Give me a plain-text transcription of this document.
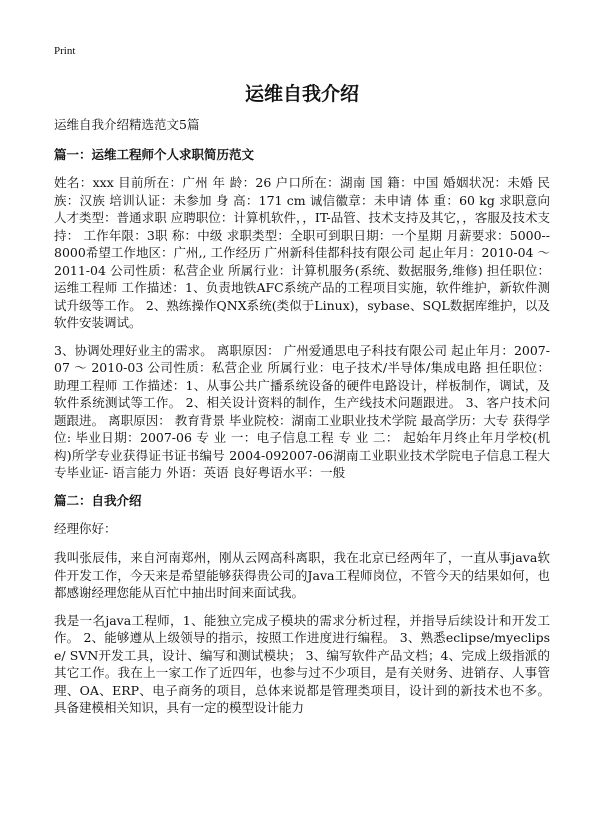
Print
运维自我介绍
运维自我介绍精选范文5篇
篇一：运维工程师个人求职简历范文

姓名：xxx 目前所在：广州 年 龄：26 户口所在：湖南 国 籍：中国 婚姻状况：未婚 民 族：汉族 培训认证：未参加 身 高：171 cm 诚信徽章：未申请 体 重：60 kg 求职意向 人才类型：普通求职 应聘职位：计算机软件，，IT-品管、技术支持及其它，，客服及技术支持： 工作年限：3职 称：中级 求职类型：全职可到职日期：一个星期 月薪要求：5000--8000希望工作地区：广州,, 工作经历 广州新科佳都科技有限公司 起止年月：2010-04 ～ 2011-04 公司性质：私营企业 所属行业：计算机服务(系统、数据服务,维修) 担任职位：运维工程师 工作描述：1、负责地铁AFC系统产品的工程项目实施，软件维护，新软件测试升级等工作。 2、熟练操作QNX系统(类似于Linux)，sybase、SQL数据库维护，以及软件安装调试。

3、协调处理好业主的需求。 离职原因： 广州爱通思电子科技有限公司 起止年月：2007-07 ～ 2010-03 公司性质：私营企业 所属行业：电子技术/半导体/集成电路 担任职位：助理工程师 工作描述：1、从事公共广播系统设备的硬件电路设计，样板制作，调试，及软件系统测试等工作。 2、相关设计资料的制作，生产线技术问题跟进。 3、客户技术问题跟进。 离职原因： 教育背景 毕业院校：湖南工业职业技术学院 最高学历：大专 获得学位: 毕业日期：2007-06 专 业 一：电子信息工程 专 业 二： 起始年月终止年月学校(机构)所学专业获得证书证书编号 2004-092007-06湖南工业职业技术学院电子信息工程大专毕业证- 语言能力 外语：英语 良好粤语水平：一般

篇二：自我介绍

经理你好：

我叫张辰伟，来自河南郑州，刚从云网高科离职，我在北京已经两年了，一直从事java软件开发工作，今天来是希望能够获得贵公司的Java工程师岗位，不管今天的结果如何，也都感谢经理您能从百忙中抽出时间来面试我。

我是一名java工程师，1、能独立完成子模块的需求分析过程，并指导后续设计和开发工作。 2、能够遵从上级领导的指示，按照工作进度进行编程。 3、熟悉eclipse/myeclipse/ SVN开发工具，设计、编写和测试模块； 3、编写软件产品文档；4、完成上级指派的其它工作。我在上一家工作了近四年，也参与过不少项目，是有关财务、进销存、人事管理、OA、ERP、电子商务的项目，总体来说都是管理类项目，设计到的新技术也不多。具备建模相关知识，具有一定的模型设计能力
